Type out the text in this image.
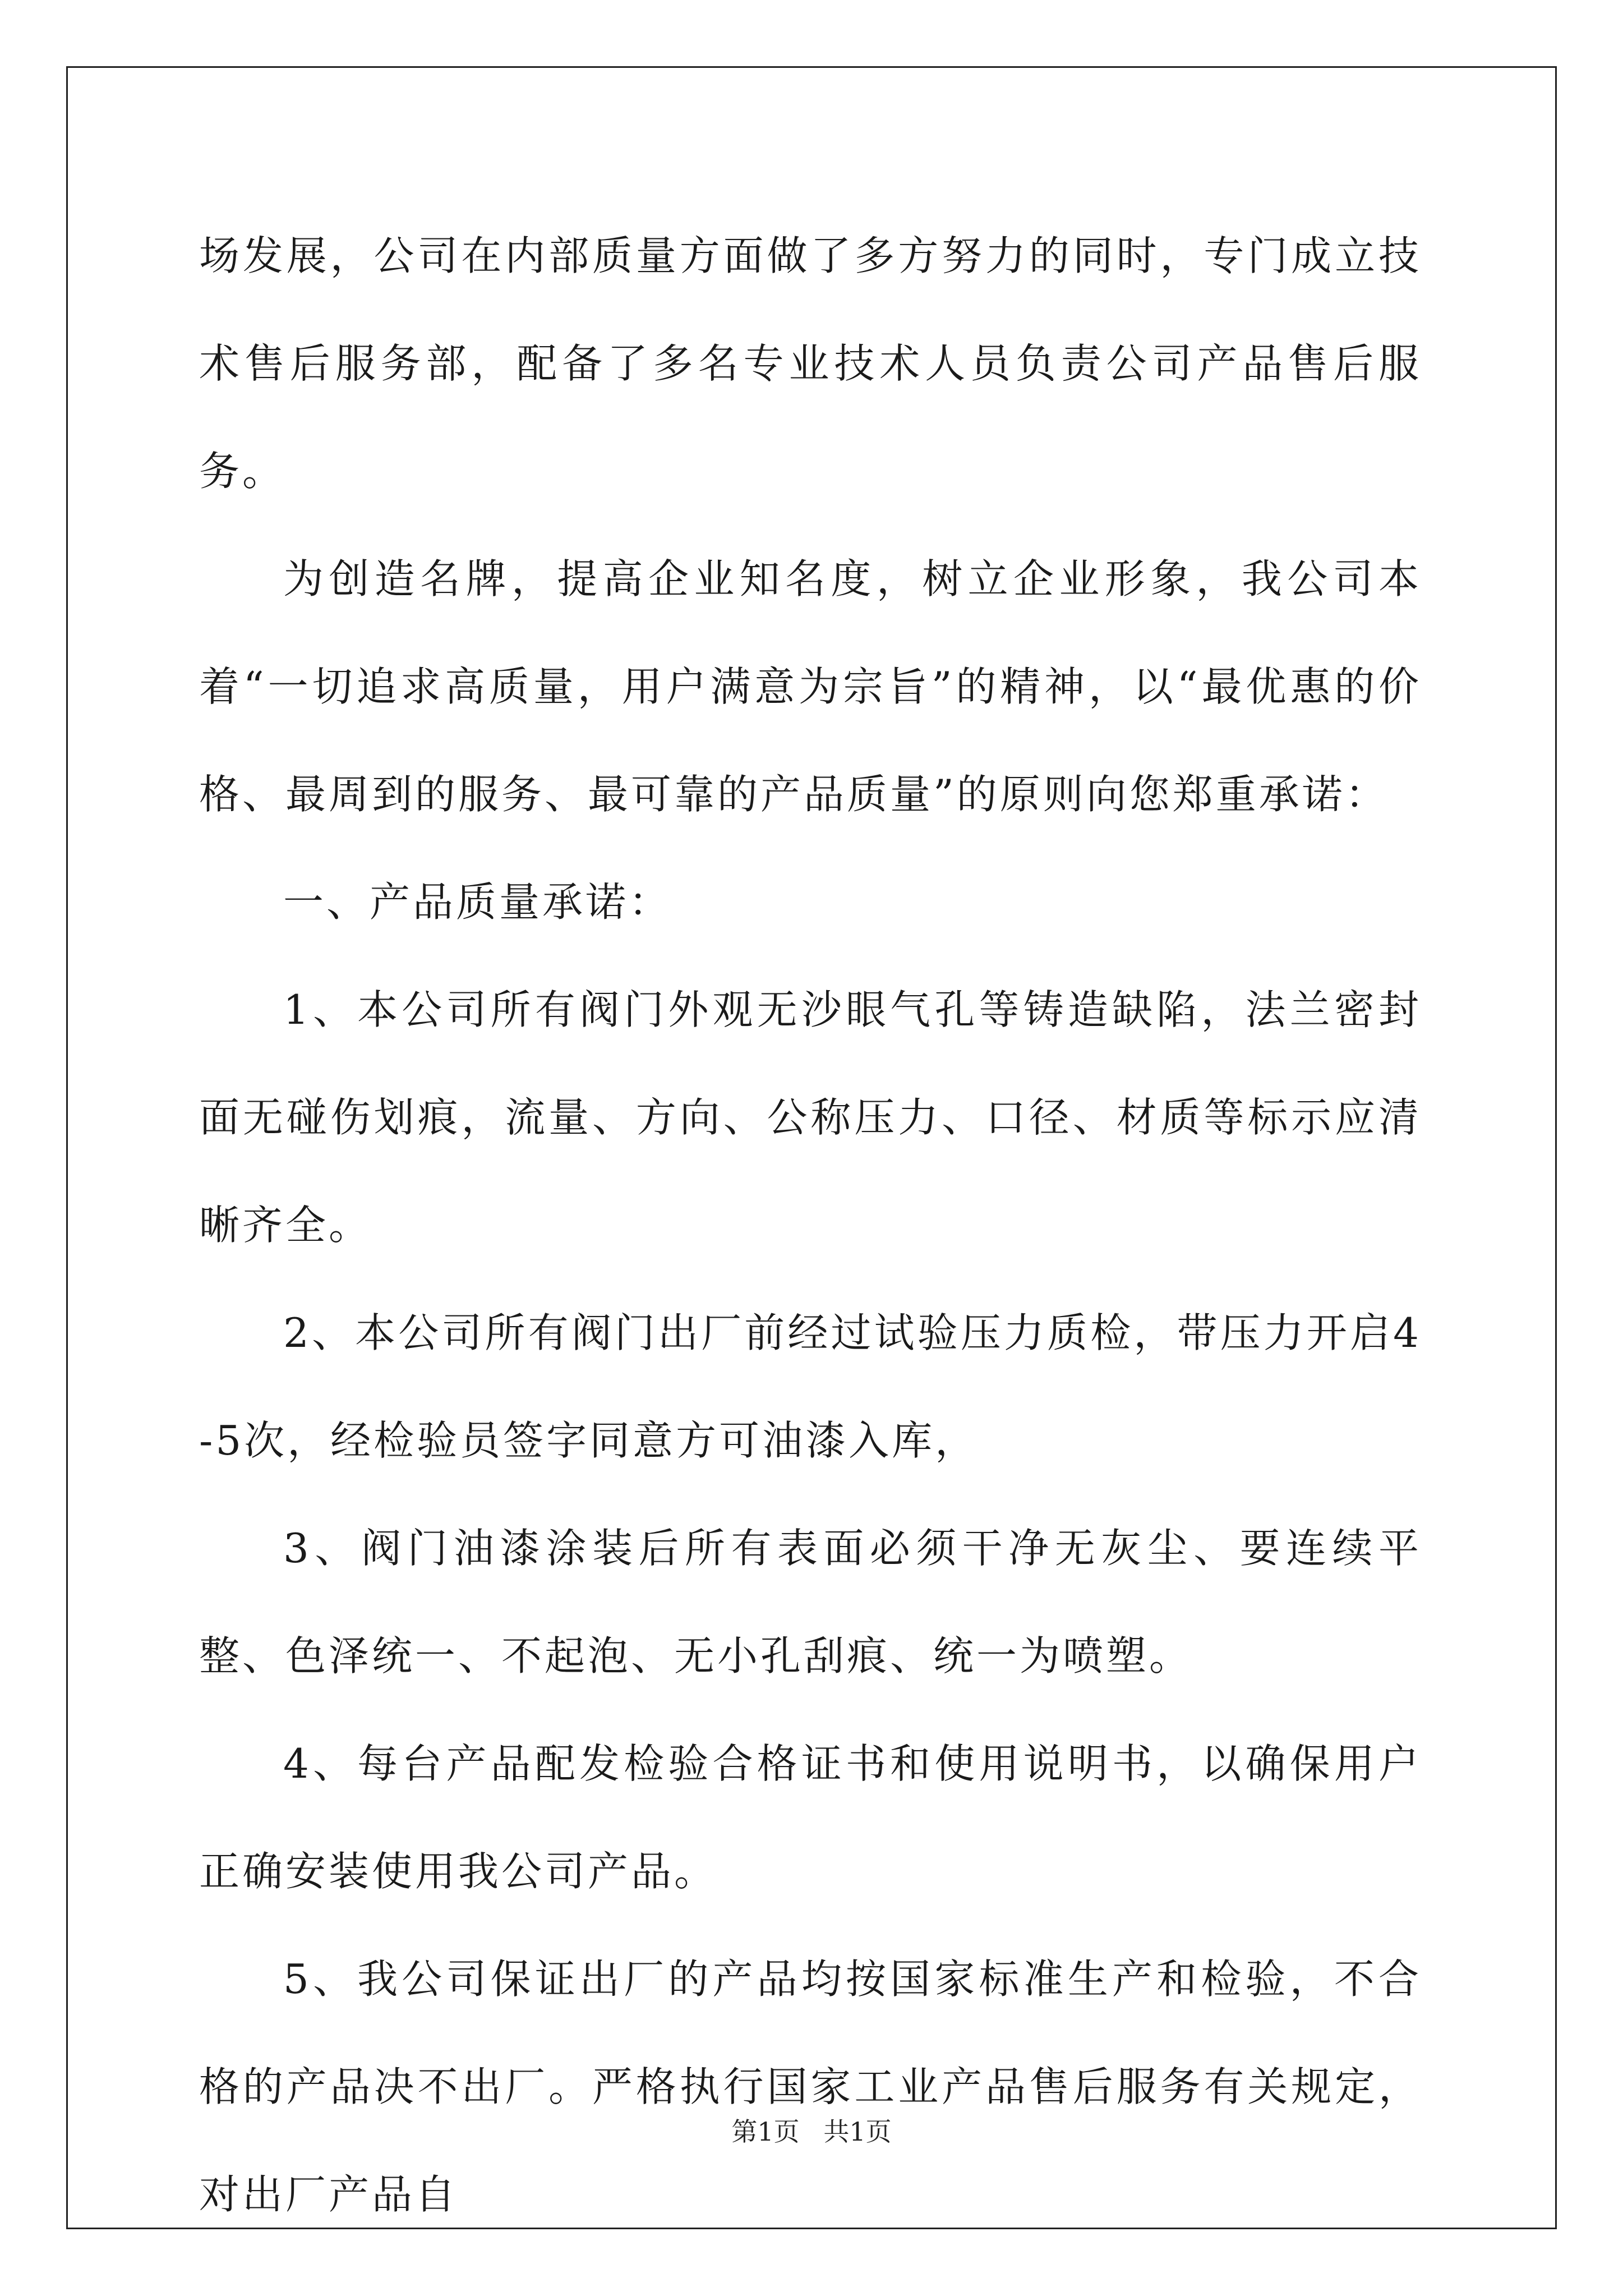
场发展，公司在内部质量方面做了多方努力的同时，专门成立技术售后服务部，配备了多名专业技术人员负责公司产品售后服务。

为创造名牌，提高企业知名度，树立企业形象，我公司本着“一切追求高质量，用户满意为宗旨”的精神，以“最优惠的价格、最周到的服务、最可靠的产品质量”的原则向您郑重承诺：

一、产品质量承诺：

1、本公司所有阀门外观无沙眼气孔等铸造缺陷，法兰密封面无碰伤划痕，流量、方向、公称压力、口径、材质等标示应清晰齐全。

2、本公司所有阀门出厂前经过试验压力质检，带压力开启4-5次，经检验员签字同意方可油漆入库，

3、阀门油漆涂装后所有表面必须干净无灰尘、要连续平整、色泽统一、不起泡、无小孔刮痕、统一为喷塑。

4、每台产品配发检验合格证书和使用说明书，以确保用户正确安装使用我公司产品。

5、我公司保证出厂的产品均按国家标准生产和检验，不合格的产品决不出厂。严格执行国家工业产品售后服务有关规定，对出厂产品自

第1页 共1页
